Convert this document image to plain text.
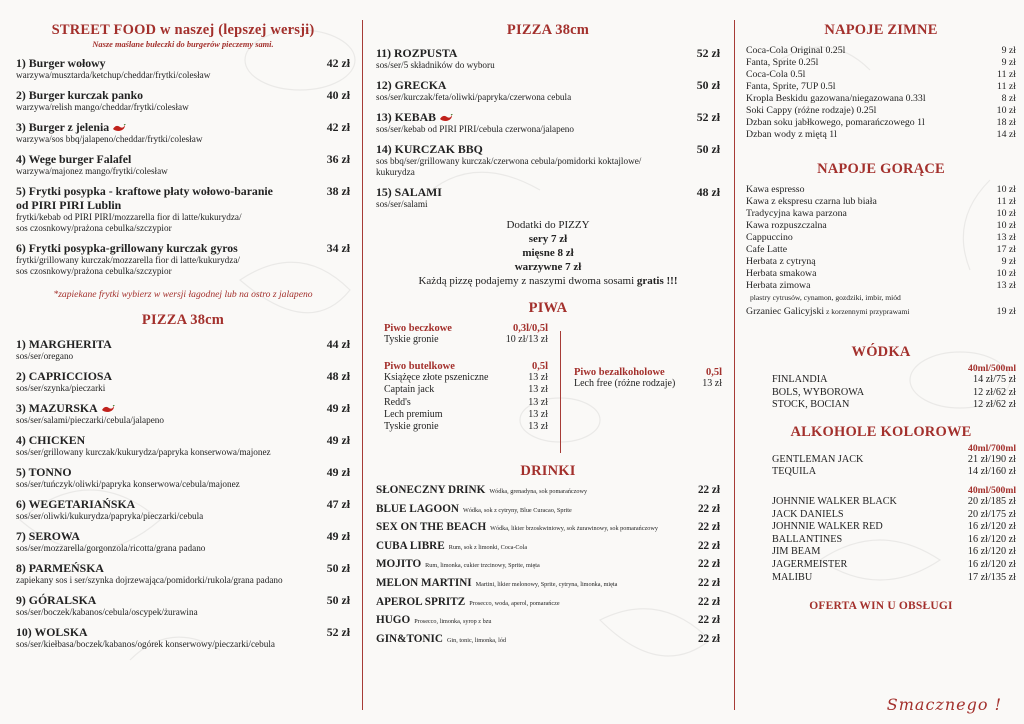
STREET FOOD w naszej (lepszej wersji)
Nasze maślane bułeczki do burgerów pieczemy sami.
1) Burger wołowy	42 zł
warzywa/musztarda/ketchup/cheddar/frytki/colesław
2) Burger kurczak panko	40 zł
warzywa/relish mango/cheddar/frytki/colesław
3) Burger z jelenia	42 zł
warzywa/sos bbq/jalapeno/cheddar/frytki/colesław
4) Wege burger Falafel	36 zł
warzywa/majonez mango/frytki/colesław
5) Frytki posypka - kraftowe płaty wołowo-baranie
od PIRI PIRI Lublin
38 zł
frytki/kebab od PIRI PIRI/mozzarella fior di latte/kukurydza/
sos czosnkowy/prażona cebulka/szczypior
6) Frytki posypka-grillowany kurczak gyros	34 zł
frytki/grillowany kurczak/mozzarella fior di latte/kukurydza/
sos czosnkowy/prażona cebulka/szczypior
*zapiekane frytki wybierz w wersji łagodnej lub na ostro z jalapeno
PIZZA 38cm
1) MARGHERITA	44 zł
sos/ser/oregano
2) CAPRICCIOSA	48 zł
sos/ser/szynka/pieczarki
3) MAZURSKA	49 zł
sos/ser/salami/pieczarki/cebula/jalapeno
4) CHICKEN	49 zł
sos/ser/grillowany kurczak/kukurydza/papryka konserwowa/majonez
5) TONNO	49 zł
sos/ser/tuńczyk/oliwki/papryka konserwowa/cebula/majonez
6) WEGETARIAŃSKA	47 zł
sos/ser/oliwki/kukurydza/papryka/pieczarki/cebula
7) SEROWA	49 zł
sos/ser/mozzarella/gorgonzola/ricotta/grana padano
8) PARMEŃSKA	50 zł
zapiekany sos i ser/szynka dojrzewająca/pomidorki/rukola/grana padano
9) GÓRALSKA	50 zł
sos/ser/boczek/kabanos/cebula/oscypek/żurawina
10) WOLSKA	52 zł
sos/ser/kiełbasa/boczek/kabanos/ogórek konserwowy/pieczarki/cebula
PIZZA 38cm
11) ROZPUSTA	52 zł
sos/ser/5 składników do wyboru
12) GRECKA	50 zł
sos/ser/kurczak/feta/oliwki/papryka/czerwona cebula
13) KEBAB	52 zł
sos/ser/kebab od PIRI PIRI/cebula czerwona/jalapeno
14) KURCZAK BBQ	50 zł
sos bbq/ser/grillowany kurczak/czerwona cebula/pomidorki koktajlowe/
kukurydza
15) SALAMI	48 zł
sos/ser/salami
Dodatki do PIZZY
sery 7 zł
mięsne 8 zł
warzywne 7 zł
Każdą pizzę podajemy z naszymi dwoma sosami gratis !!!
PIWA
Piwo beczkowe	0,3l/0,5l
Tyskie gronie	10 zł/13 zł
Piwo butelkowe	0,5l
Książęce złote pszeniczne	13 zł
Captain jack	13 zł
Redd's	13 zł
Lech premium	13 zł
Tyskie gronie	13 zł
Piwo bezalkoholowe	0,5l
Lech free (różne rodzaje)	13 zł
DRINKI
SŁONECZNY DRINK Wódka, grenadyna, sok pomarańczowy	22 zł
BLUE LAGOON Wódka, sok z cytryny, Blue Curacao, Sprite	22 zł
SEX ON THE BEACH Wódka, likier brzoskwiniowy, sok żurawinowy, sok pomarańczowy	22 zł
CUBA LIBRE Rum, sok z limonki, Coca-Cola	22 zł
MOJITO Rum, limonka, cukier trzcinowy, Sprite, mięta	22 zł
MELON MARTINI Martini, likier melonowy, Sprite, cytryna, limonka, mięta	22 zł
APEROL SPRITZ Prosecco, woda, aperol, pomarańcze	22 zł
HUGO Prosecco, limonka, syrop z bzu	22 zł
GIN&TONIC Gin, tonic, limonka, lód	22 zł
NAPOJE ZIMNE
Coca-Cola Original 0.25l	9 zł
Fanta, Sprite 0.25l	9 zł
Coca-Cola 0.5l	11 zł
Fanta, Sprite, 7UP 0.5l	11 zł
Kropla Beskidu gazowana/niegazowana 0.33l	8 zł
Soki Cappy (różne rodzaje) 0.25l	10 zł
Dzban soku jabłkowego, pomarańczowego 1l	18 zł
Dzban wody z miętą 1l	14 zł
NAPOJE GORĄCE
Kawa espresso	10 zł
Kawa z ekspresu czarna lub biała	11 zł
Tradycyjna kawa parzona	10 zł
Kawa rozpuszczalna	10 zł
Cappuccino	13 zł
Cafe Latte	17 zł
Herbata z cytryną	9 zł
Herbata smakowa	10 zł
Herbata zimowa	13 zł
plastry cytrusów, cynamon, gozdziki, imbir, miód
Grzaniec Galicyjski z korzennymi przyprawami	19 zł
WÓDKA
40ml/500ml
FINLANDIA	14 zł/75 zł
BOLS, WYBOROWA	12 zł/62 zł
STOCK, BOCIAN	12 zł/62 zł
ALKOHOLE KOLOROWE
40ml/700ml
GENTLEMAN JACK	21 zł/190 zł
TEQUILA	14 zł/160 zł
40ml/500ml
JOHNNIE WALKER BLACK	20 zł/185 zł
JACK DANIELS	20 zł/175 zł
JOHNNIE WALKER RED	16 zł/120 zł
BALLANTINES	16 zł/120 zł
JIM BEAM	16 zł/120 zł
JAGERMEISTER	16 zł/120 zł
MALIBU	17 zł/135 zł
OFERTA WIN U OBSŁUGI
Smacznego !
